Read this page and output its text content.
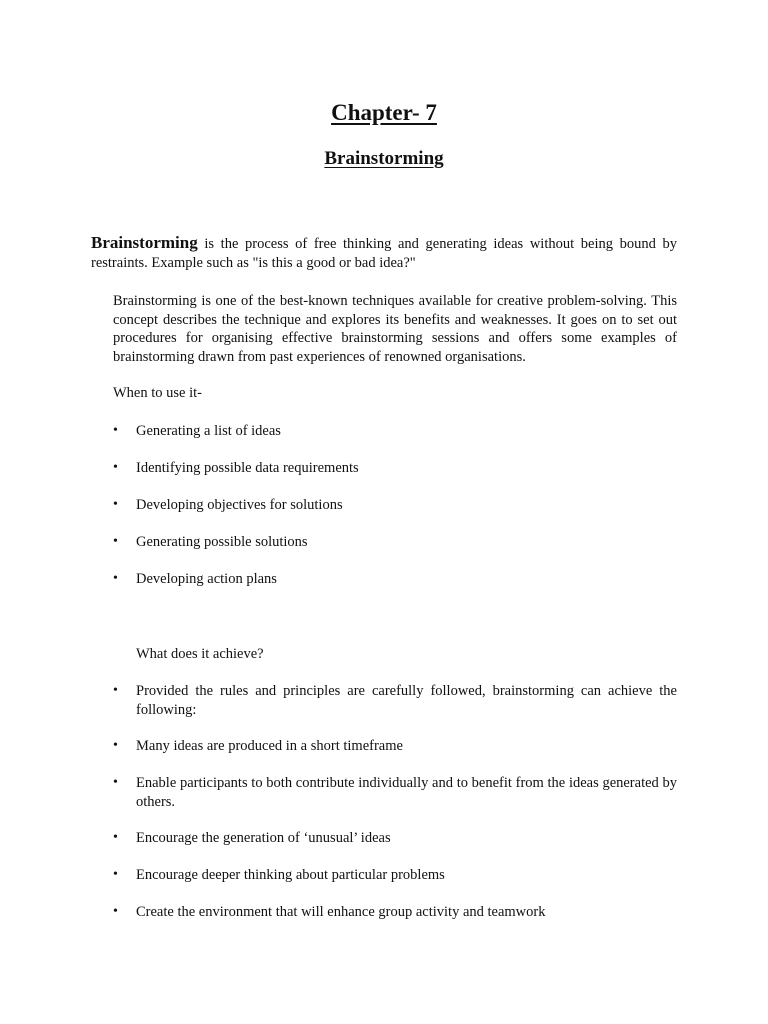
Chapter- 7
Brainstorming

Brainstorming is the process of free thinking and generating ideas without being bound by restraints. Example such as "is this a good or bad idea?"

Brainstorming is one of the best-known techniques available for creative problem-solving. This concept describes the technique and explores its benefits and weaknesses. It goes on to set out procedures for organising effective brainstorming sessions and offers some examples of brainstorming drawn from past experiences of renowned organisations.

When to use it-

• Generating a list of ideas
• Identifying possible data requirements
• Developing objectives for solutions
• Generating possible solutions
• Developing action plans

What does it achieve?

• Provided the rules and principles are carefully followed, brainstorming can achieve the following:
• Many ideas are produced in a short timeframe
• Enable participants to both contribute individually and to benefit from the ideas generated by others.
• Encourage the generation of ‘unusual’ ideas
• Encourage deeper thinking about particular problems
• Create the environment that will enhance group activity and teamwork
